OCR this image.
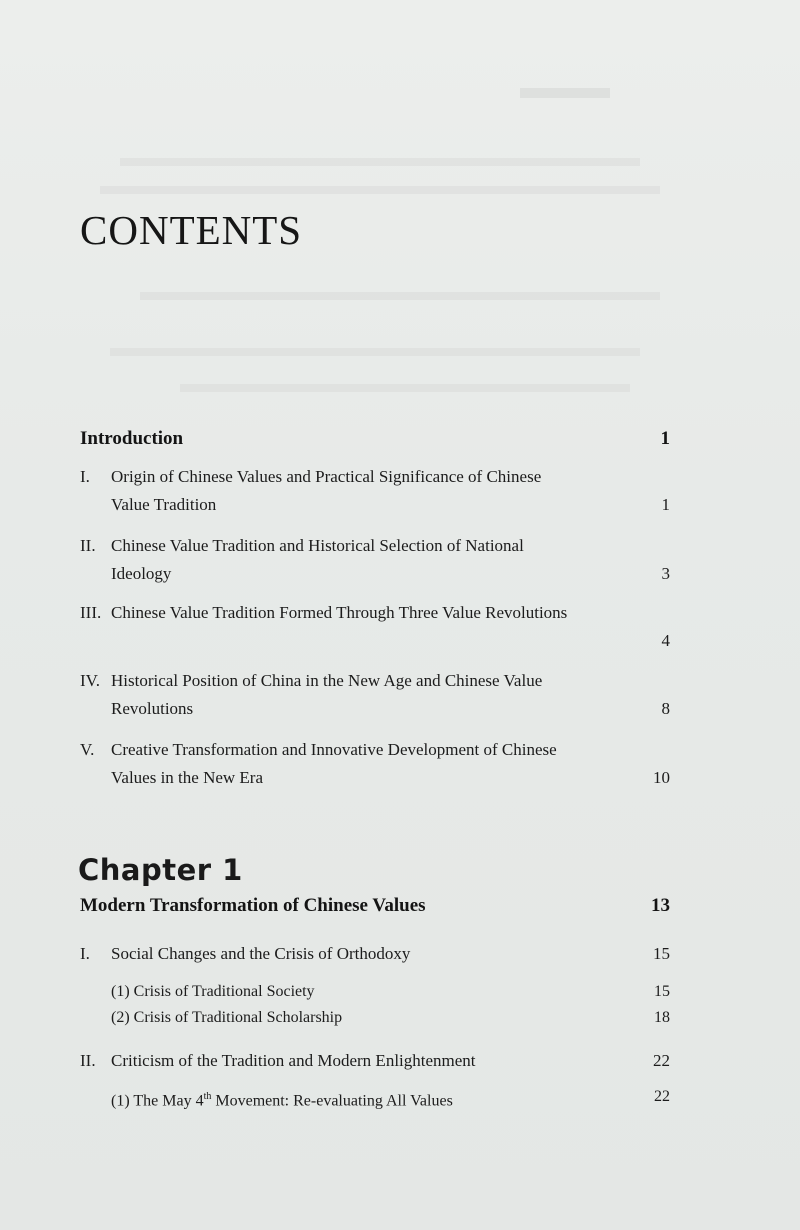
CONTENTS
Introduction	1
I. Origin of Chinese Values and Practical Significance of Chinese
Value Tradition	1
II. Chinese Value Tradition and Historical Selection of National
Ideology	3
III. Chinese Value Tradition Formed Through Three Value Revolutions
4
IV. Historical Position of China in the New Age and Chinese Value
Revolutions	8
V. Creative Transformation and Innovative Development of Chinese
Values in the New Era	10
Chapter 1
Modern Transformation of Chinese Values	13
I. Social Changes and the Crisis of Orthodoxy	15
(1) Crisis of Traditional Society	15
(2) Crisis of Traditional Scholarship	18
II. Criticism of the Tradition and Modern Enlightenment	22
(1) The May 4th Movement: Re-evaluating All Values	22
